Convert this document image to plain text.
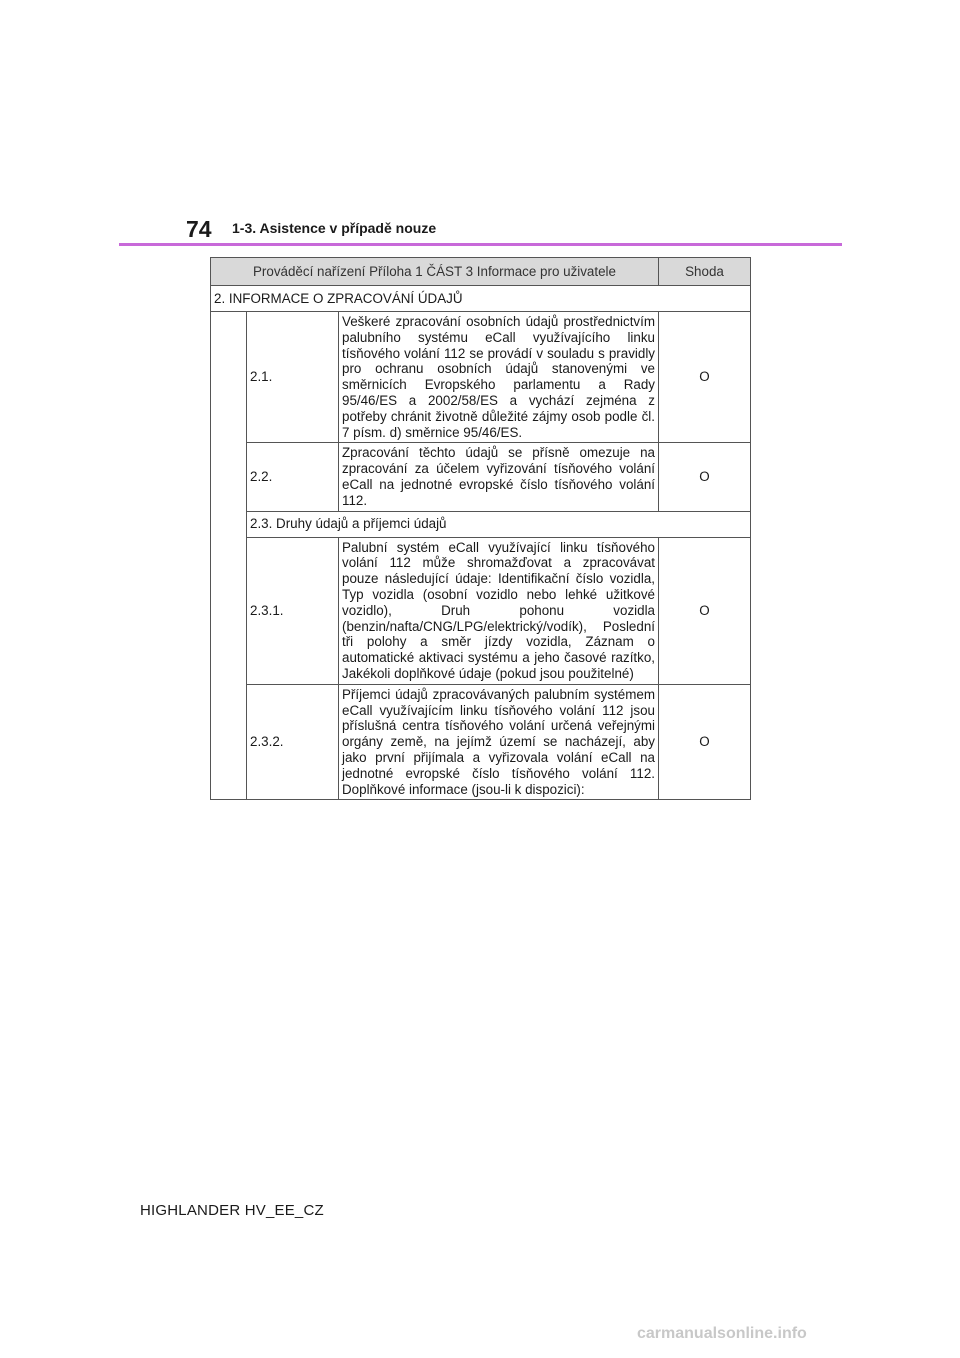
74 1-3. Asistence v případě nouze
Prováděcí nařízení Příloha 1 ČÁST 3 Informace pro uživatele			Shoda
2. INFORMACE O ZPRACOVÁNÍ ÚDAJŮ			
	2.1.	Veškeré zpracování osobních údajů prostřednictvím palubního systému eCall využívajícího linku tísňového volání 112 se provádí v souladu s pravidly pro ochranu osobních údajů stanovenými ve směrnicích Evropského parlamentu a Rady 95/46/ES a 2002/58/ES a vychází zejména z potřeby chránit životně důležité zájmy osob podle čl. 7 písm. d) směrnice 95/46/ES.	O
	2.2.	Zpracování těchto údajů se přísně omezuje na zpracování za účelem vyřizování tísňového volání eCall na jednotné evropské číslo tísňového volání 112.	O
	2.3. Druhy údajů a příjemci údajů		
	2.3.1.	Palubní systém eCall využívající linku tísňového volání 112 může shromažďovat a zpracovávat pouze následující údaje: Identifikační číslo vozidla, Typ vozidla (osobní vozidlo nebo lehké užitkové vozidlo), Druh pohonu vozidla (benzin/nafta/CNG/LPG/elektrický/vodík), Poslední tři polohy a směr jízdy vozidla, Záznam o automatické aktivaci systému a jeho časové razítko, Jakékoli doplňkové údaje (pokud jsou použitelné)	O
	2.3.2.	Příjemci údajů zpracovávaných palubním systémem eCall využívajícím linku tísňového volání 112 jsou příslušná centra tísňového volání určená veřejnými orgány země, na jejímž území se nacházejí, aby jako první přijímala a vyřizovala volání eCall na jednotné evropské číslo tísňového volání 112. Doplňkové informace (jsou-li k dispozici):	O
HIGHLANDER HV_EE_CZ
carmanualsonline.info
